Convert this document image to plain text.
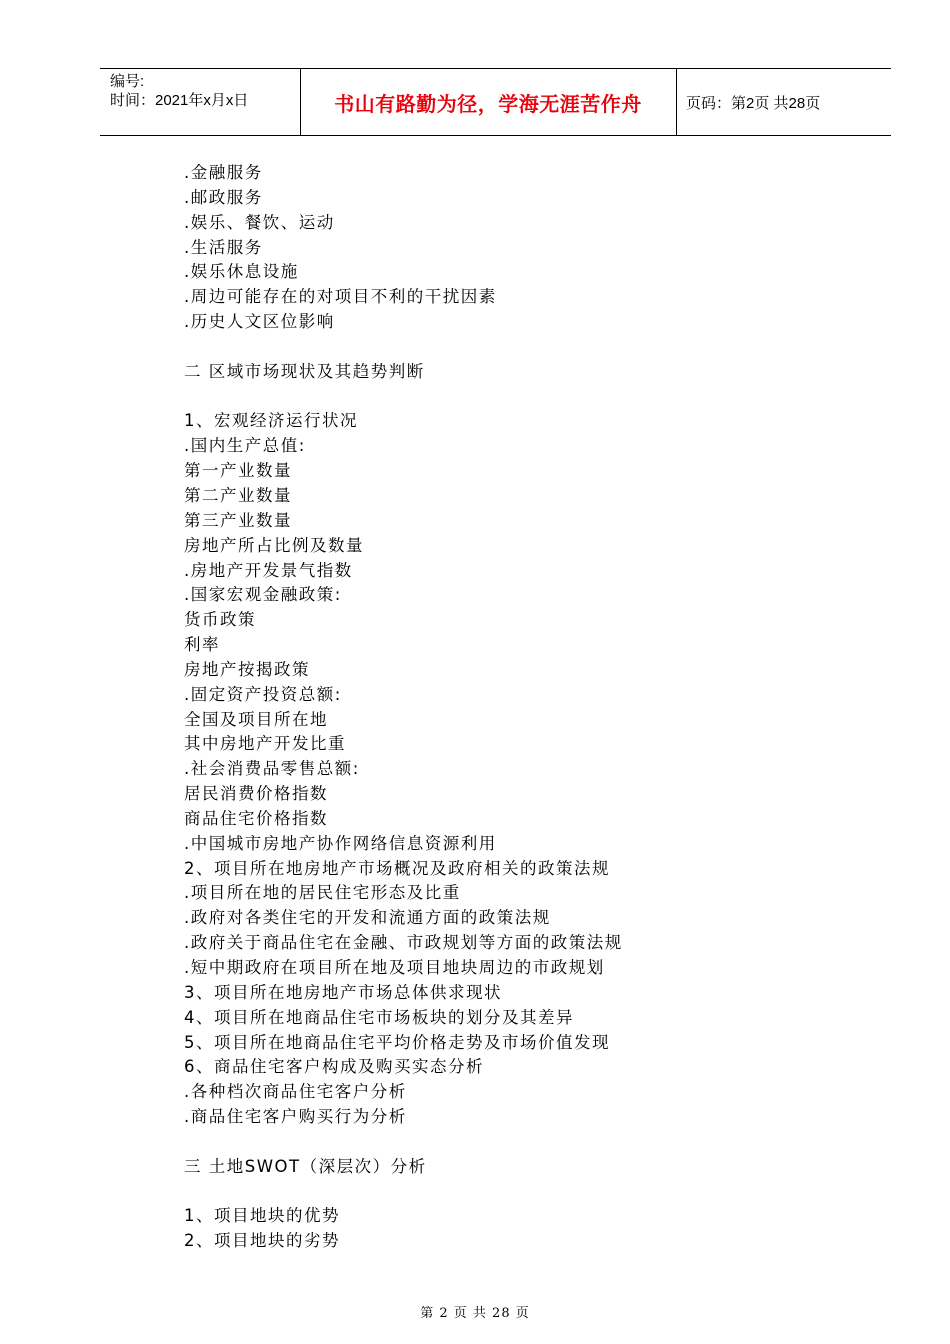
编号:
时间：2021年x月x日	书山有路勤为径，学海无涯苦作舟	页码：第2页 共28页
.金融服务
.邮政服务
.娱乐、餐饮、运动
.生活服务
.娱乐休息设施
.周边可能存在的对项目不利的干扰因素
.历史人文区位影响
二 区域市场现状及其趋势判断
1、宏观经济运行状况
.国内生产总值:
第一产业数量
第二产业数量
第三产业数量
房地产所占比例及数量
.房地产开发景气指数
.国家宏观金融政策:
货币政策
利率
房地产按揭政策
.固定资产投资总额:
全国及项目所在地
其中房地产开发比重
.社会消费品零售总额:
居民消费价格指数
商品住宅价格指数
.中国城市房地产协作网络信息资源利用
2、项目所在地房地产市场概况及政府相关的政策法规
.项目所在地的居民住宅形态及比重
.政府对各类住宅的开发和流通方面的政策法规
.政府关于商品住宅在金融、市政规划等方面的政策法规
.短中期政府在项目所在地及项目地块周边的市政规划
3、项目所在地房地产市场总体供求现状
4、项目所在地商品住宅市场板块的划分及其差异
5、项目所在地商品住宅平均价格走势及市场价值发现
6、商品住宅客户构成及购买实态分析
.各种档次商品住宅客户分析
.商品住宅客户购买行为分析
三 土地SWOT（深层次）分析
1、项目地块的优势
2、项目地块的劣势
第 2 页 共 28 页
